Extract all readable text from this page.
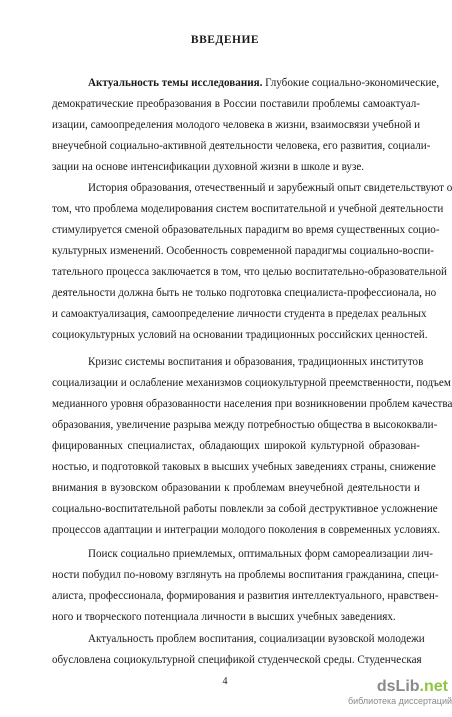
ВВЕДЕНИЕ
Актуальность темы исследования. Глубокие социально-экономические,
демократические преобразования в России поставили проблемы самоактуал-
изации, самоопределения молодого человека в жизни, взаимосвязи учебной и
внеучебной социально-активной деятельности человека, его развития, социали-
зации на основе интенсификации духовной жизни в школе и вузе.
История образования, отечественный и зарубежный опыт свидетельствуют о
том, что проблема моделирования систем воспитательной и учебной деятельности
стимулируется сменой образовательных парадигм во время существенных социо-
культурных изменений. Особенность современной парадигмы социально-воспи-
тательного процесса заключается в том, что целью воспитательно-образовательной
деятельности должна быть не только подготовка специалиста-профессионала, но
и самоактуализация, самоопределение личности студента в пределах реальных
социокультурных условий на основании традиционных российских ценностей.
Кризис системы воспитания и образования, традиционных институтов
социализации и ослабление механизмов социокультурной преемственности, подъем
медианного уровня образованности населения при возникновении проблем качества
образования, увеличение разрыва между потребностью общества в высококвали-
фицированных специалистах, обладающих широкой культурной образован-
ностью, и подготовкой таковых в высших учебных заведениях страны, снижение
внимания в вузовском образовании к проблемам внеучебной деятельности и
социально-воспитательной работы повлекли за собой деструктивное усложнение
процессов адаптации и интеграции молодого поколения в современных условиях.
Поиск социально приемлемых, оптимальных форм самореализации лич-
ности побудил по-новому взглянуть на проблемы воспитания гражданина, специ-
алиста, профессионала, формирования и развития интеллектуального, нравствен-
ного и творческого потенциала личности в высших учебных заведениях.
Актуальность проблем воспитания, социализации вузовской молодежи
обусловлена социокультурной спецификой студенческой среды. Студенческая
4	dsLib.net
библиотека диссертаций
